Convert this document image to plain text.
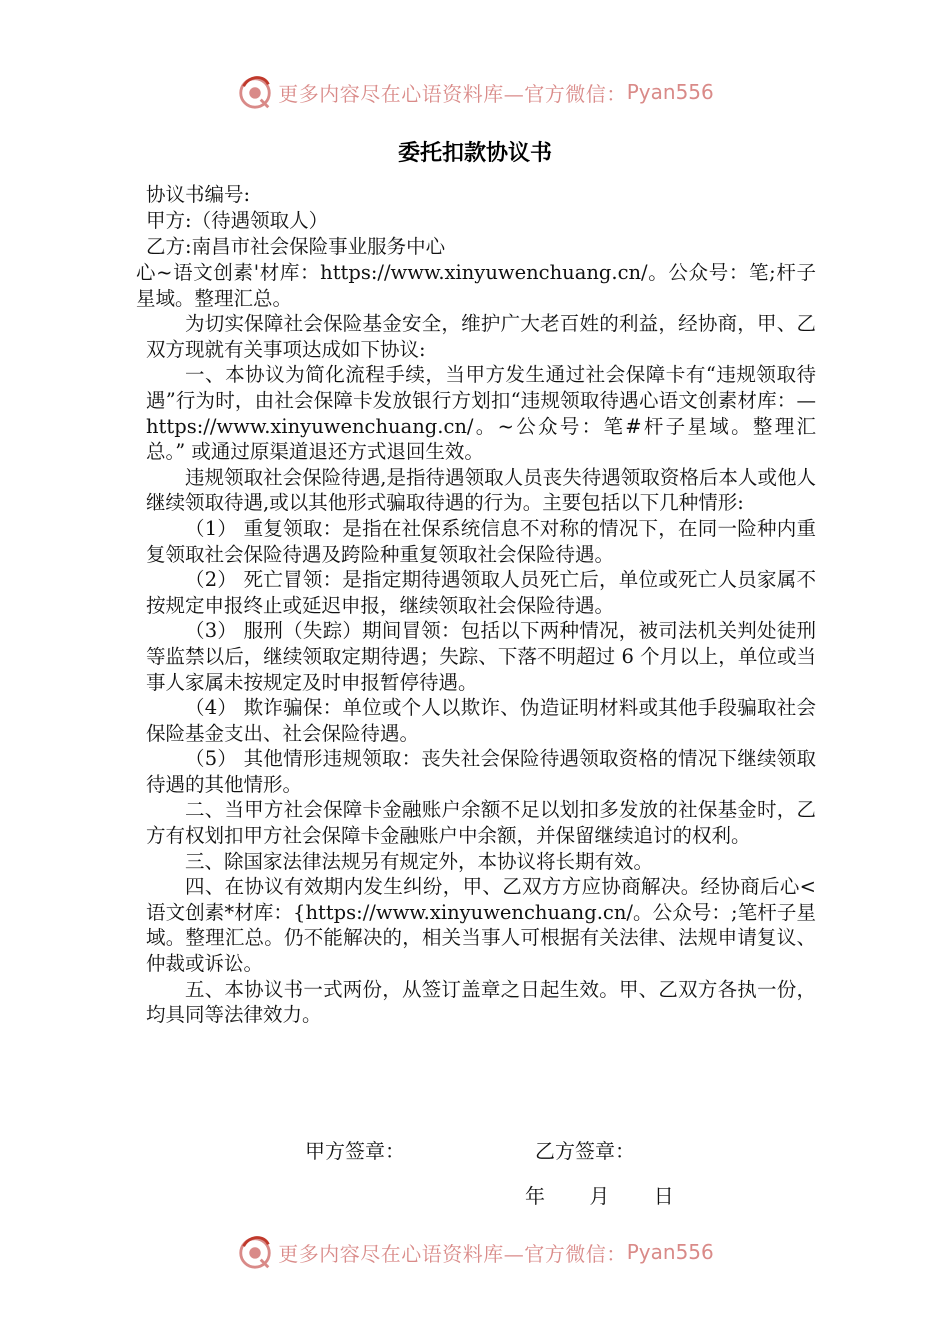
更多内容尽在心语资料库—官方微信： Pyan556
委托扣款协议书
协议书编号:
甲方:（待遇领取人）
乙方:南昌市社会保险事业服务中心

心~语文创素'材库：https://www.xinyuwenchuang.cn/。公众号：笔;杆子星域。整理汇总。

为切实保障社会保险基金安全，维护广大老百姓的利益，经协商，甲、乙双方现就有关事项达成如下协议:

一、本协议为简化流程手续，当甲方发生通过社会保障卡有“违规领取待遇”行为时，由社会保障卡发放银行方划扣“违规领取待遇心语文创素材库：—https://www.xinyuwenchuang.cn/。~公众号：笔#杆子星域。整理汇总。” 或通过原渠道退还方式退回生效。

违规领取社会保险待遇,是指待遇领取人员丧失待遇领取资格后本人或他人继续领取待遇,或以其他形式骗取待遇的行为。主要包括以下几种情形:

（1） 重复领取：是指在社保系统信息不对称的情况下，在同一险种内重复领取社会保险待遇及跨险种重复领取社会保险待遇。

（2） 死亡冒领：是指定期待遇领取人员死亡后，单位或死亡人员家属不按规定申报终止或延迟申报，继续领取社会保险待遇。

（3） 服刑（失踪）期间冒领：包括以下两种情况，被司法机关判处徒刑等监禁以后，继续领取定期待遇；失踪、下落不明超过 6 个月以上，单位或当事人家属未按规定及时申报暂停待遇。

（4） 欺诈骗保：单位或个人以欺诈、伪造证明材料或其他手段骗取社会保险基金支出、社会保险待遇。

（5） 其他情形违规领取：丧失社会保险待遇领取资格的情况下继续领取待遇的其他情形。

二、当甲方社会保障卡金融账户余额不足以划扣多发放的社保基金时，乙方有权划扣甲方社会保障卡金融账户中余额，并保留继续追讨的权利。

三、除国家法律法规另有规定外，本协议将长期有效。

四、在协议有效期内发生纠纷，甲、乙双方方应协商解决。经协商后心<语文创素*材库：{https://www.xinyuwenchuang.cn/。公众号：;笔杆子星域。整理汇总。仍不能解决的，相关当事人可根据有关法律、法规申请复议、仲裁或诉讼。

五、本协议书一式两份，从签订盖章之日起生效。甲、乙双方各执一份，均具同等法律效力。

甲方签章：	乙方签章：
年 月 日
更多内容尽在心语资料库—官方微信： Pyan556
